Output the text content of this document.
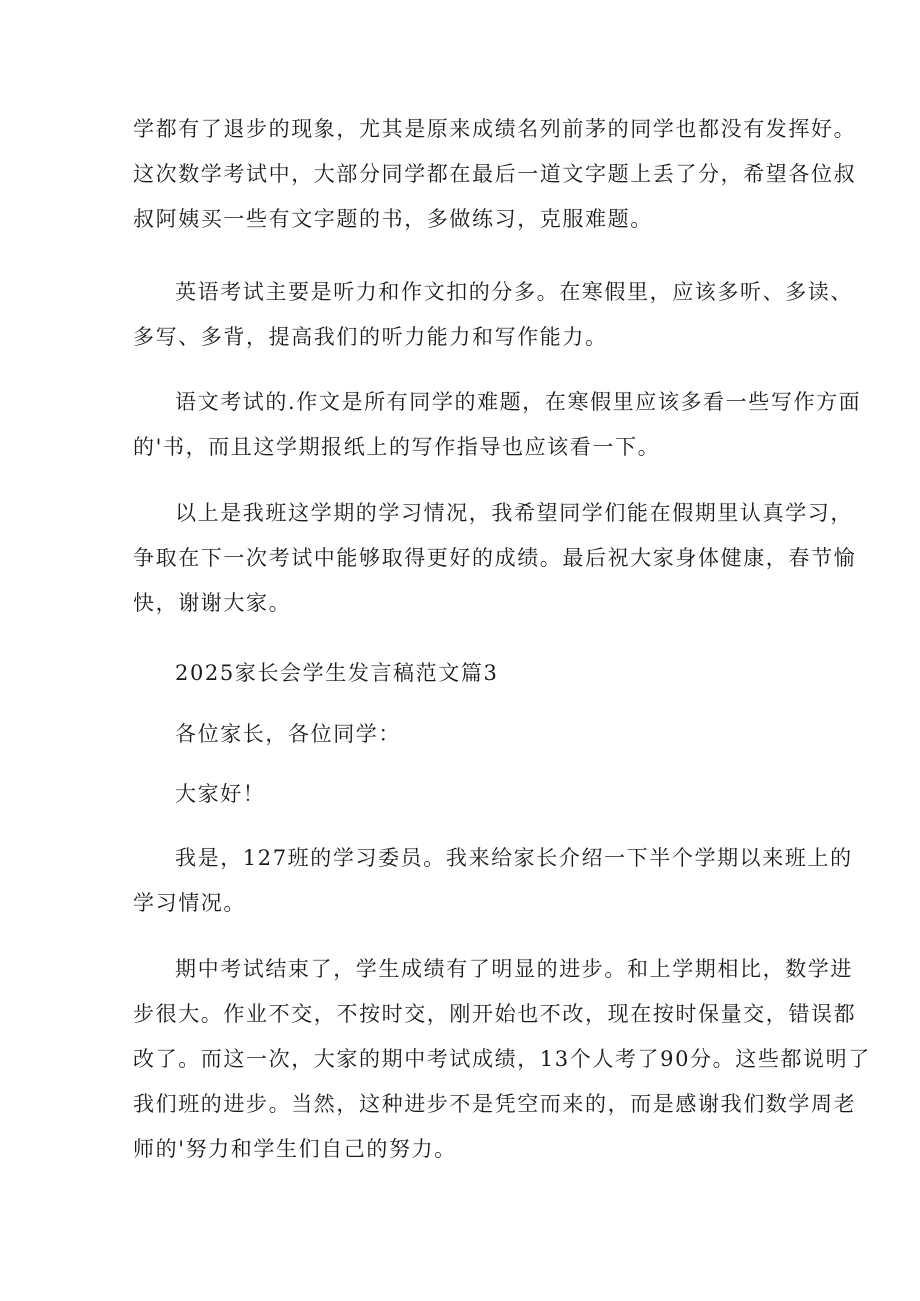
学都有了退步的现象，尤其是原来成绩名列前茅的同学也都没有发挥好。
这次数学考试中，大部分同学都在最后一道文字题上丢了分，希望各位叔
叔阿姨买一些有文字题的书，多做练习，克服难题。
英语考试主要是听力和作文扣的分多。在寒假里，应该多听、多读、
多写、多背，提高我们的听力能力和写作能力。
语文考试的.作文是所有同学的难题，在寒假里应该多看一些写作方面
的'书，而且这学期报纸上的写作指导也应该看一下。
以上是我班这学期的学习情况，我希望同学们能在假期里认真学习，
争取在下一次考试中能够取得更好的成绩。最后祝大家身体健康，春节愉
快，谢谢大家。
2025家长会学生发言稿范文篇3
各位家长，各位同学：
大家好！
我是，127班的学习委员。我来给家长介绍一下半个学期以来班上的
学习情况。
期中考试结束了，学生成绩有了明显的进步。和上学期相比，数学进
步很大。作业不交，不按时交，刚开始也不改，现在按时保量交，错误都
改了。而这一次，大家的期中考试成绩，13个人考了90分。这些都说明了
我们班的进步。当然，这种进步不是凭空而来的，而是感谢我们数学周老
师的'努力和学生们自己的努力。
